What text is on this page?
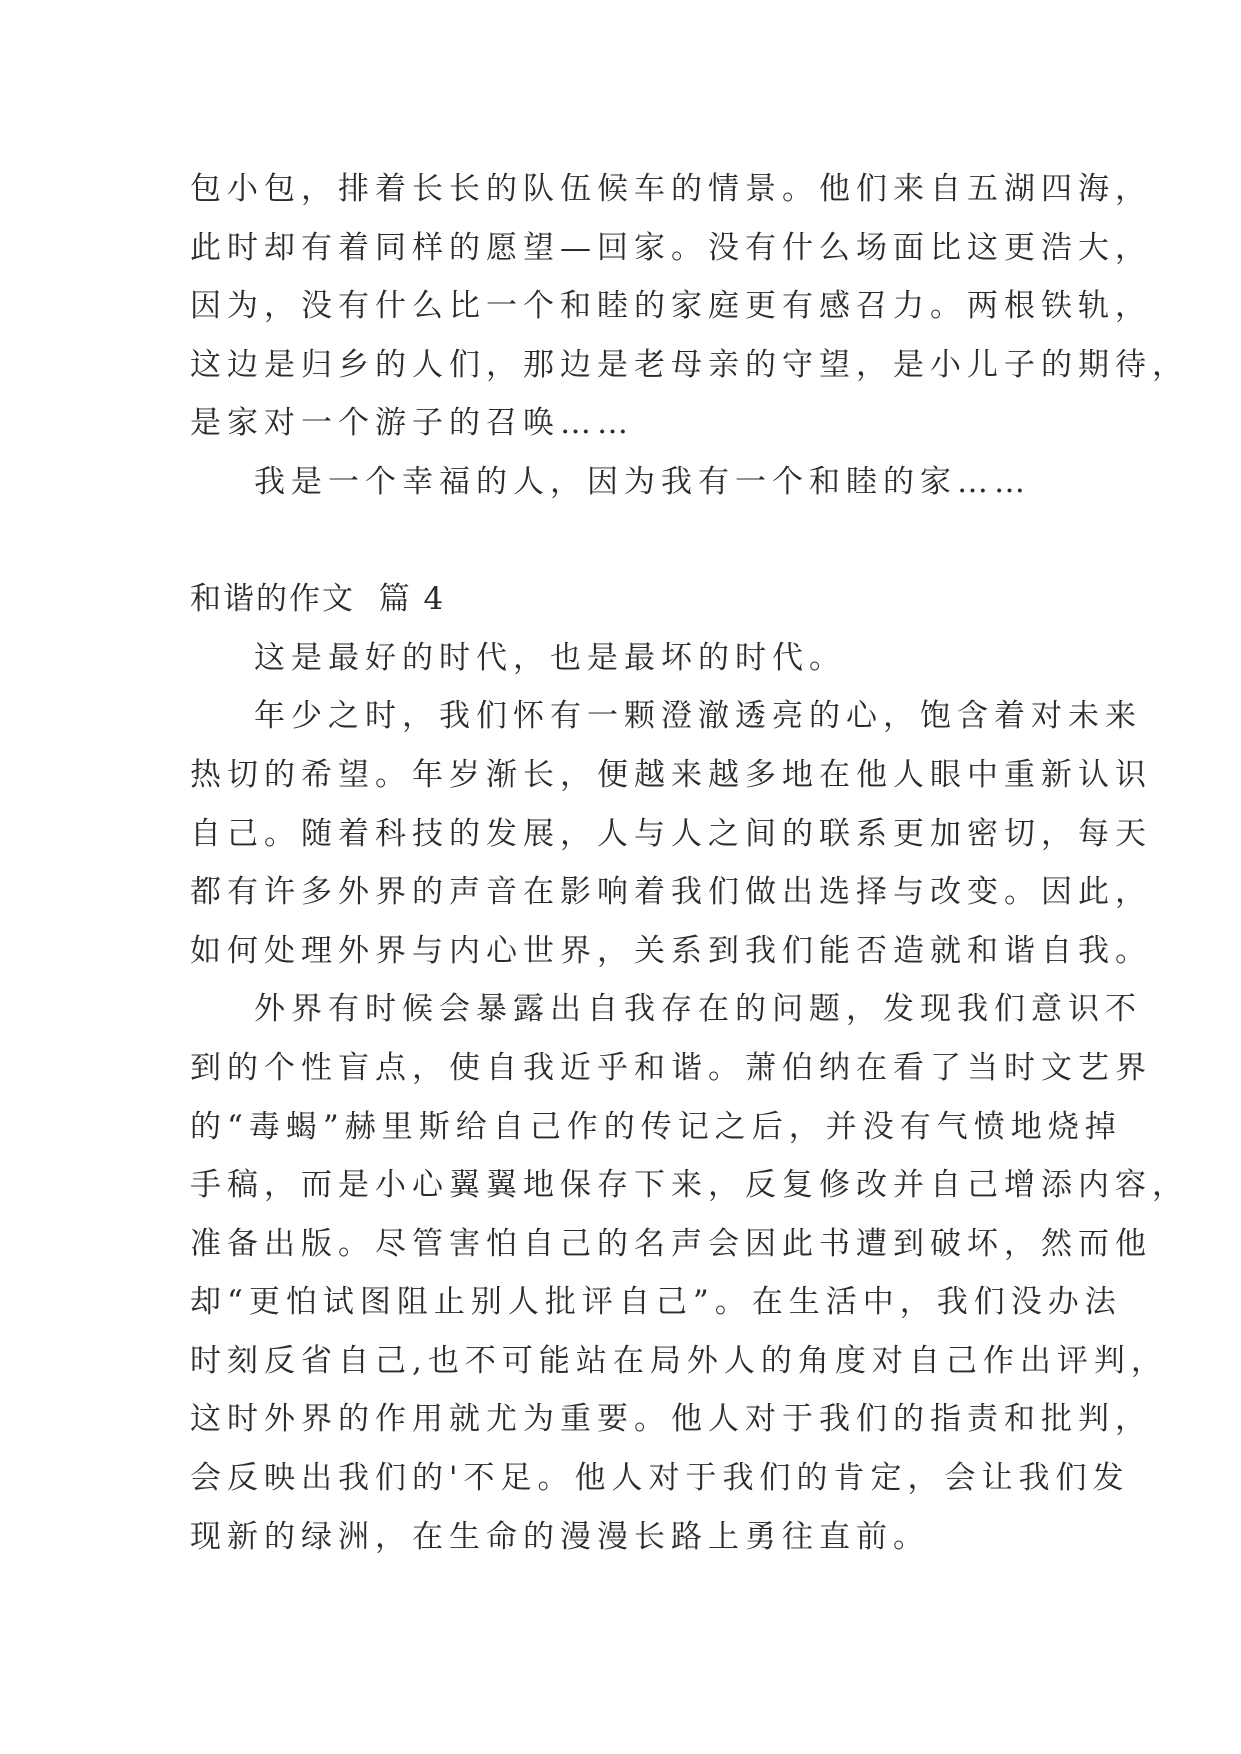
包小包，排着长长的队伍候车的情景。他们来自五湖四海，
此时却有着同样的愿望—回家。没有什么场面比这更浩大，
因为，没有什么比一个和睦的家庭更有感召力。两根铁轨，
这边是归乡的人们，那边是老母亲的守望，是小儿子的期待，
是家对一个游子的召唤……
我是一个幸福的人，因为我有一个和睦的家……
和谐的作文  篇 4
这是最好的时代，也是最坏的时代。
年少之时，我们怀有一颗澄澈透亮的心，饱含着对未来
热切的希望。年岁渐长，便越来越多地在他人眼中重新认识
自己。随着科技的发展，人与人之间的联系更加密切，每天
都有许多外界的声音在影响着我们做出选择与改变。因此，
如何处理外界与内心世界，关系到我们能否造就和谐自我。
外界有时候会暴露出自我存在的问题，发现我们意识不
到的个性盲点，使自我近乎和谐。萧伯纳在看了当时文艺界
的“毒蝎”赫里斯给自己作的传记之后，并没有气愤地烧掉
手稿，而是小心翼翼地保存下来，反复修改并自己增添内容，
准备出版。尽管害怕自己的名声会因此书遭到破坏，然而他
却“更怕试图阻止别人批评自己”。在生活中，我们没办法
时刻反省自己,也不可能站在局外人的角度对自己作出评判，
这时外界的作用就尤为重要。他人对于我们的指责和批判，
会反映出我们的'不足。他人对于我们的肯定，会让我们发
现新的绿洲，在生命的漫漫长路上勇往直前。
